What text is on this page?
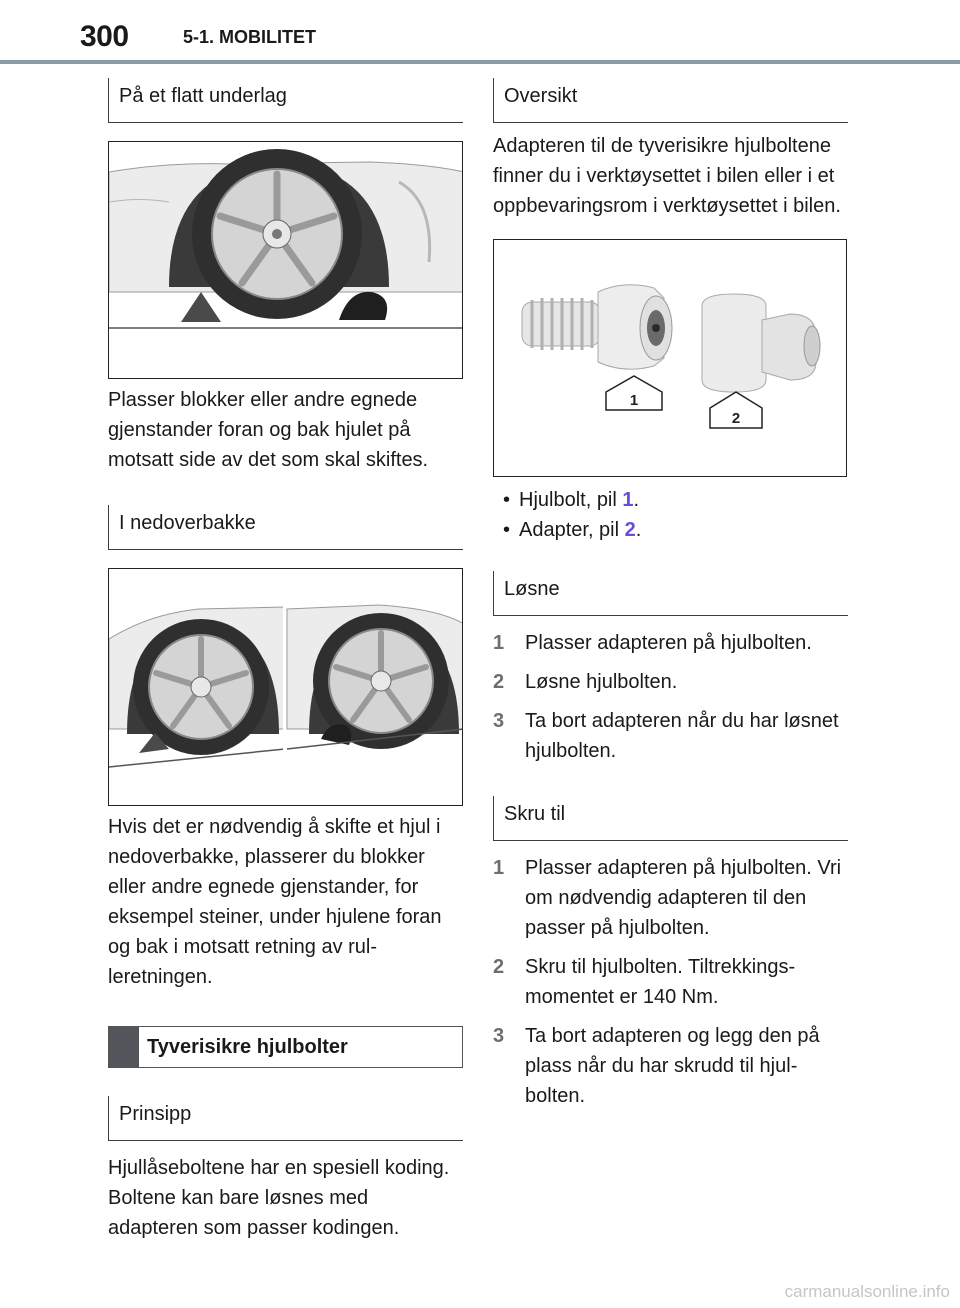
300	5-1. MOBILITET
På et flatt underlag
Plasser blokker eller andre egnede gjenstander foran og bak hjulet på motsatt side av det som skal skiftes.
I nedoverbakke
Hvis det er nødvendig å skifte et hjul i nedoverbakke, plasserer du blokker eller andre egnede gjenstander, for eksempel steiner, under hjulene foran og bak i motsatt retning av rulleretningen.
Tyverisikre hjulbolter
Prinsipp
Hjullåseboltene har en spesiell koding. Boltene kan bare løsnes med adapteren som passer kodingen.
Oversikt
Adapteren til de tyverisikre hjulboltene finner du i verktøysettet i bilen eller i et oppbevaringsrom i verktøysettet i bilen.
1
2
• Hjulbolt, pil 1.
• Adapter, pil 2.
Løsne
1	Plasser adapteren på hjulbolten.
2	Løsne hjulbolten.
3	Ta bort adapteren når du har løsnet hjulbolten.
Skru til
1	Plasser adapteren på hjulbolten. Vri om nødvendig adapteren til den passer på hjulbolten.
2	Skru til hjulbolten. Tiltrekkingsmomentet er 140 Nm.
3	Ta bort adapteren og legg den på plass når du har skrudd til hjulbolten.
carmanualsonline.info
